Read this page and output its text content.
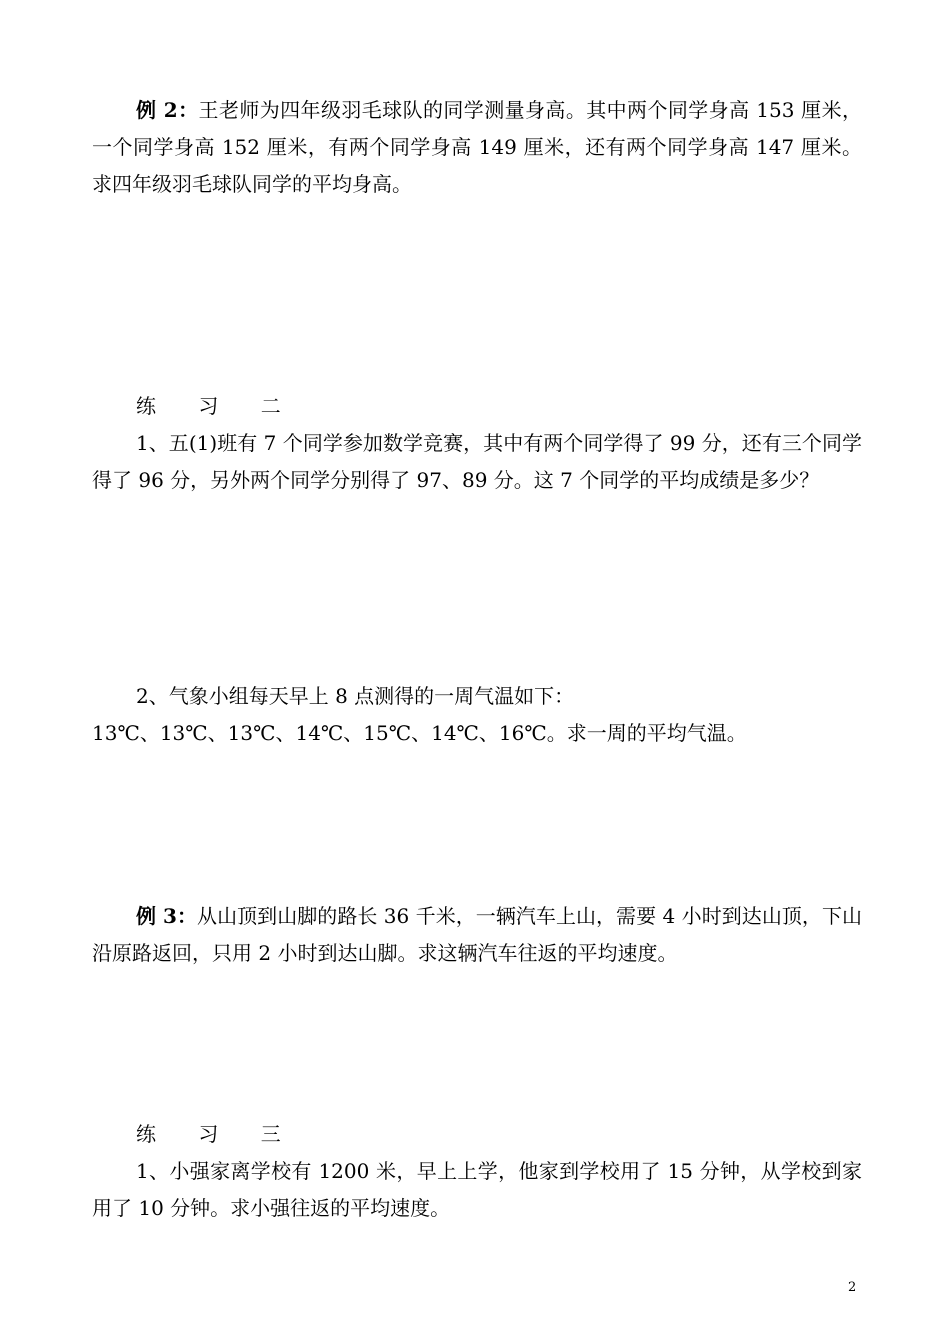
例 2：王老师为四年级羽毛球队的同学测量身高。其中两个同学身高 153 厘米，一个同学身高 152 厘米，有两个同学身高 149 厘米，还有两个同学身高 147 厘米。求四年级羽毛球队同学的平均身高。

练 习 二

1、五(1)班有 7 个同学参加数学竞赛，其中有两个同学得了 99 分，还有三个同学得了 96 分，另外两个同学分别得了 97、89 分。这 7 个同学的平均成绩是多少？

2、气象小组每天早上 8 点测得的一周气温如下：

13℃、13℃、13℃、14℃、15℃、14℃、16℃。求一周的平均气温。

例 3：从山顶到山脚的路长 36 千米，一辆汽车上山，需要 4 小时到达山顶，下山沿原路返回，只用 2 小时到达山脚。求这辆汽车往返的平均速度。

练 习 三

1、小强家离学校有 1200 米，早上上学，他家到学校用了 15 分钟，从学校到家用了 10 分钟。求小强往返的平均速度。

2
